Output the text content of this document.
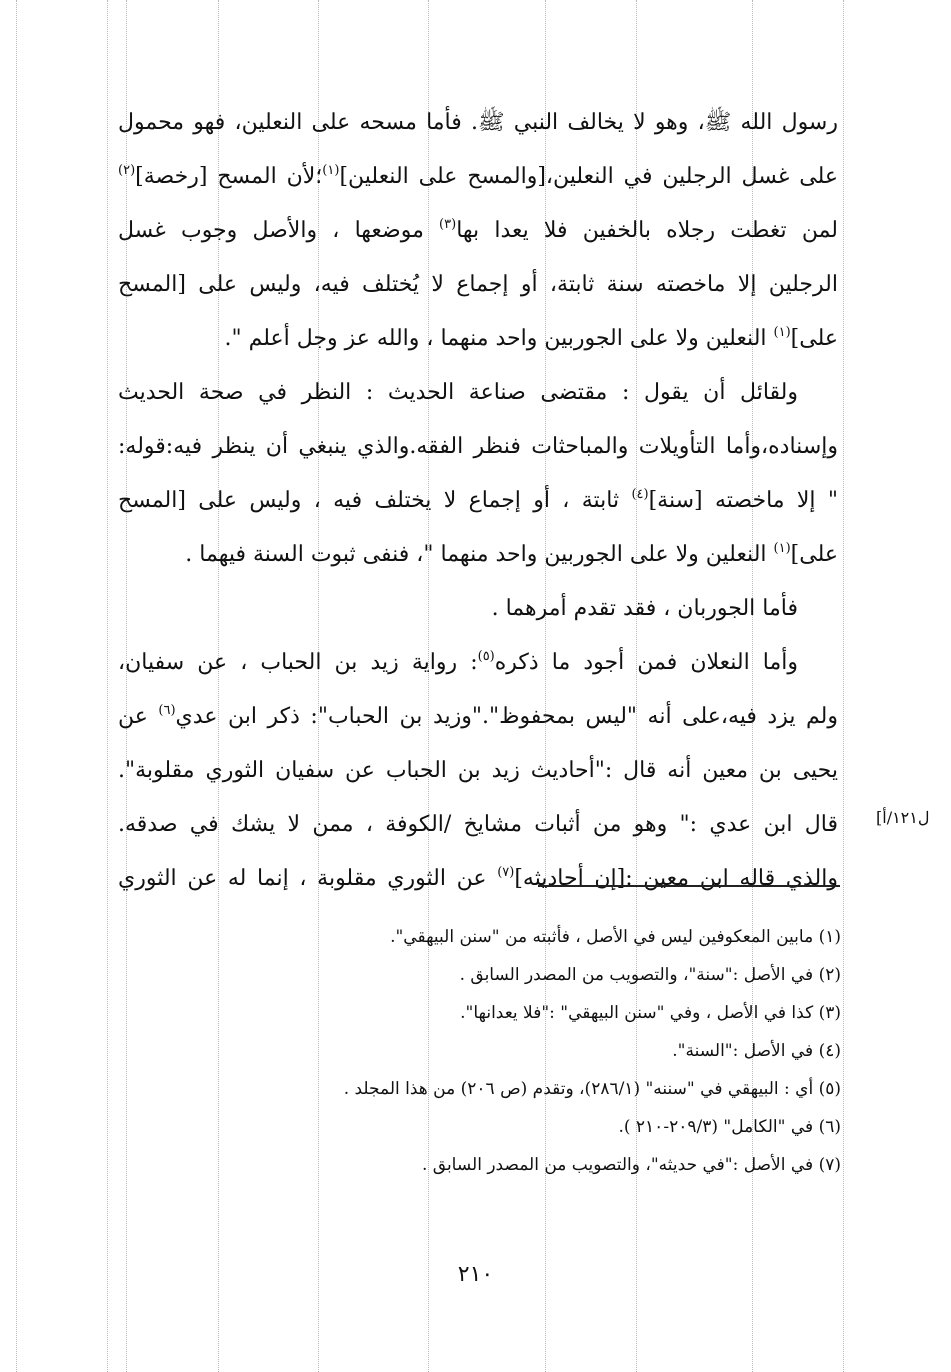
رسول الله ﷺ، وهو لا يخالف النبي ﷺ. فأما مسحه على النعلين، فهو محمول
على غسل الرجلين في النعلين،[والمسح على النعلين]$^{(١)}$؛لأن المسح [رخصة]$^{(٢)}$
لمن تغطت رجلاه بالخفين فلا يعدا بها$^{(٣)}$ موضعها ، والأصل وجوب غسل
الرجلين إلا ماخصته سنة ثابتة، أو إجماع لا يُختلف فيه، وليس على [المسح
على]$^{(١)}$ النعلين ولا على الجوربين واحد منهما ، والله عز وجل أعلم ".
ولقائل أن يقول : مقتضى صناعة الحديث : النظر في صحة الحديث
وإسناده،وأما التأويلات والمباحثات فنظر الفقه.والذي ينبغي أن ينظر فيه:قوله:
" إلا ماخصته [سنة]$^{(٤)}$ ثابتة ، أو إجماع لا يختلف فيه ، وليس على [المسح
على]$^{(١)}$ النعلين ولا على الجوربين واحد منهما "، فنفى ثبوت السنة فيهما .
فأما الجوربان ، فقد تقدم أمرهما .
وأما النعلان فمن أجود ما ذكره$^{(٥)}$: رواية زيد بن الحباب ، عن سفيان،
ولم يزد فيه،على أنه "ليس بمحفوظ"."وزيد بن الحباب": ذكر ابن عدي$^{(٦)}$ عن
يحيى بن معين أنه قال :"أحاديث زيد بن الحباب عن سفيان الثوري مقلوبة".
قال ابن عدي :" وهو من أثبات مشايخ /الكوفة ، ممن لا يشك في صدقه.
والذي قاله ابن معين :[إن أحاديثه]$^{(٧)}$ عن الثوري مقلوبة ، إنما له عن الثوري
ل١٢١/أ]
(١) مابين المعكوفين ليس في الأصل ، فأثبته من "سنن البيهقي".
(٢) في الأصل :"سنة"، والتصويب من المصدر السابق .
(٣) كذا في الأصل ، وفي "سنن البيهقي" :"فلا يعدانها".
(٤) في الأصل :"السنة".
(٥) أي : البيهقي في "سننه" (٢٨٦/١)، وتقدم (ص ٢٠٦) من هذا المجلد .
(٦) في "الكامل" (٢٠٩/٣-٢١٠ ).
(٧) في الأصل :"في حديثه"، والتصويب من المصدر السابق .
٢١٠
